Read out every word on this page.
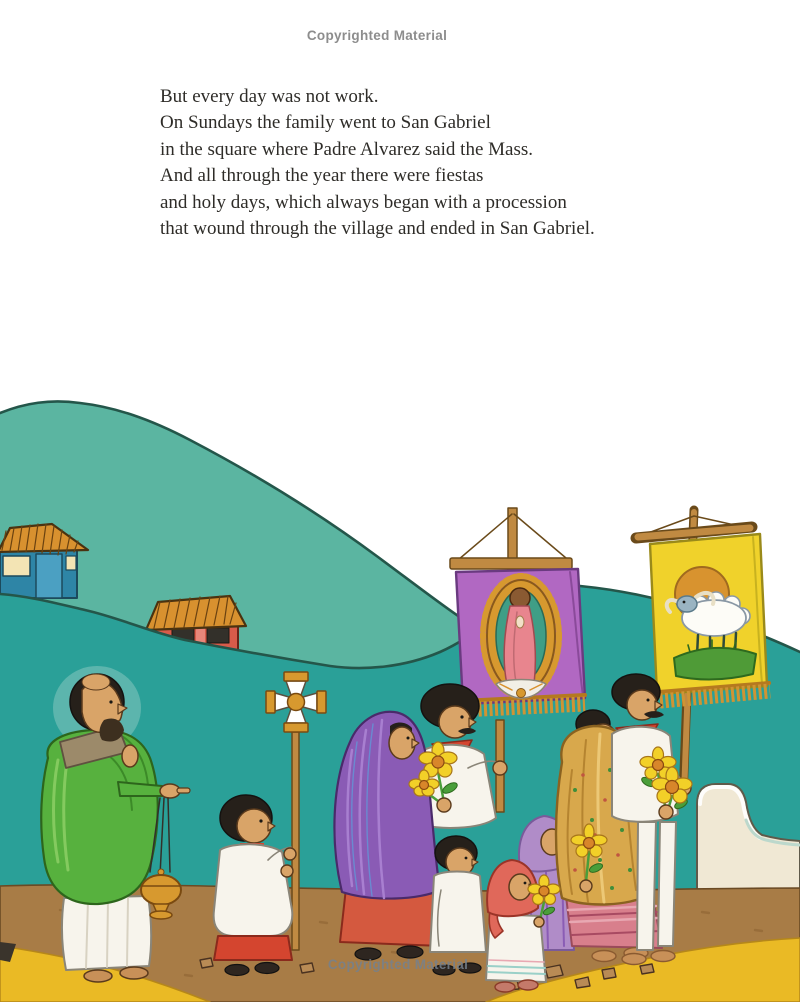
Copyrighted Material

But every day was not work.

On Sundays the family went to San Gabriel

in the square where Padre Alvarez said the Mass.

And all through the year there were fiestas

and holy days, which always began with a procession

that wound through the village and ended in San Gabriel.

Copyrighted Material
